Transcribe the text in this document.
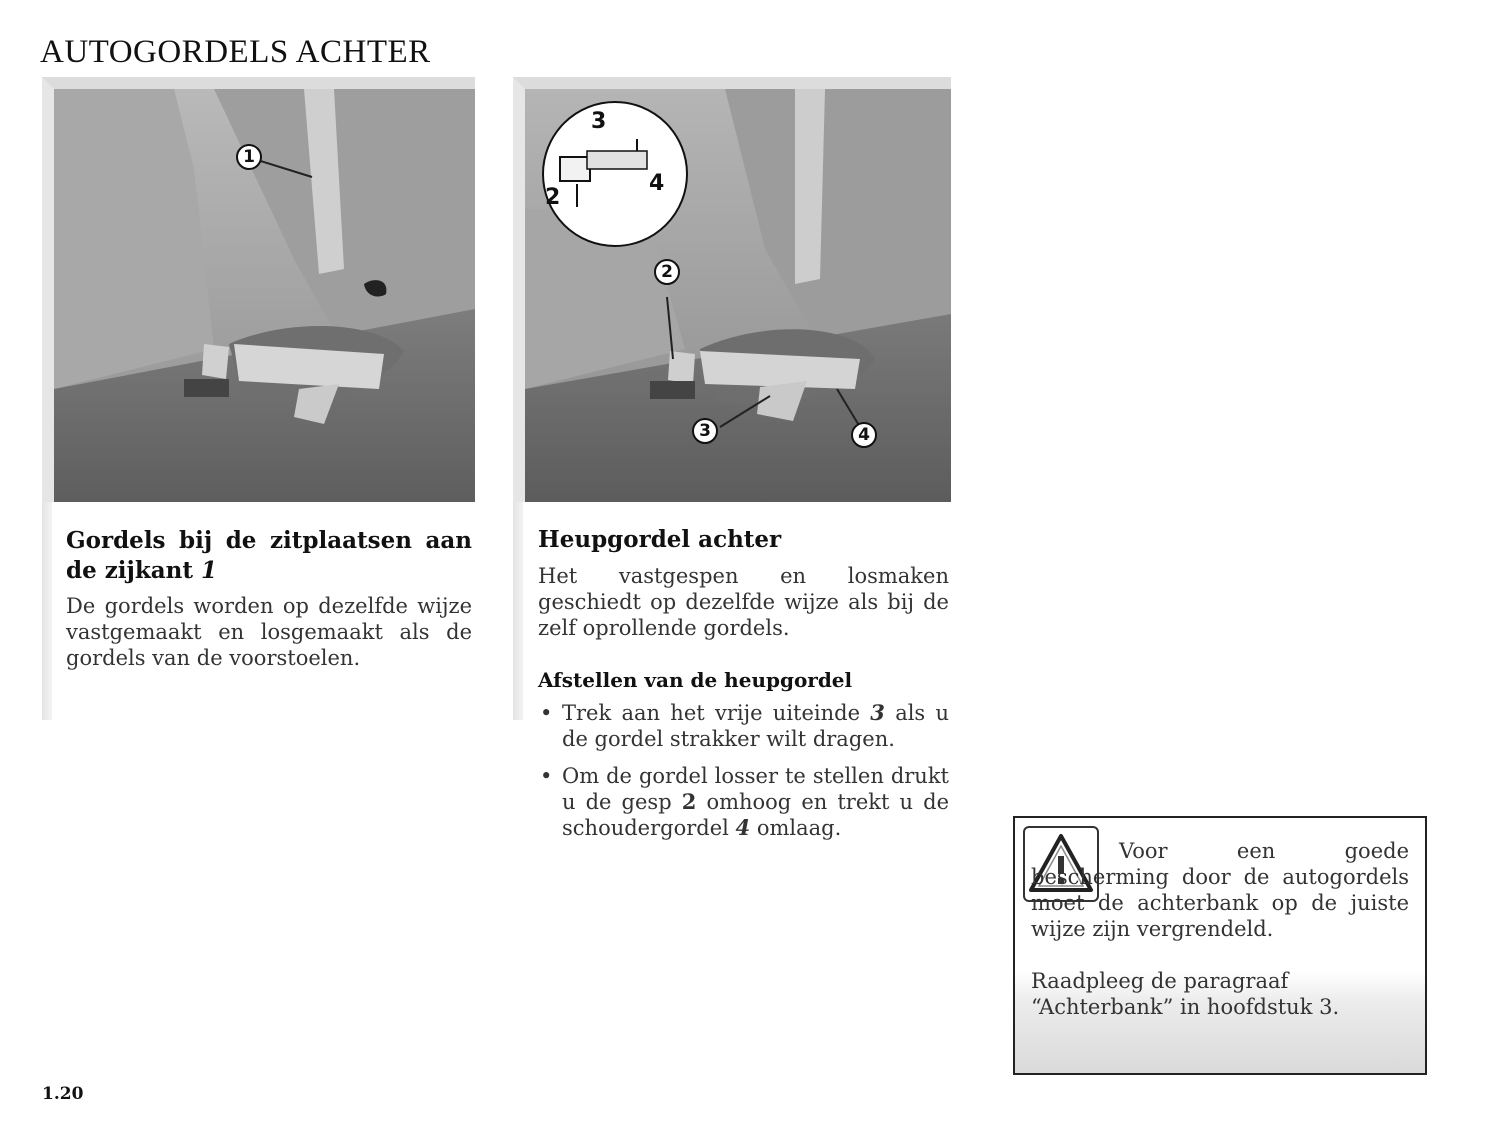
AUTOGORDELS ACHTER
1
3
2
4
2
3	4
Gordels bij de zitplaatsen aan
de zijkant 1

De gordels worden op dezelfde wijze vastgemaakt en losgemaakt als de gordels van de voorstoelen.

Heupgordel achter

Het vastgespen en losmaken geschiedt op dezelfde wijze als bij de zelf oprollende gordels.

Afstellen van de heupgordel
• Trek aan het vrije uiteinde 3 als u de gordel strakker wilt dragen.
• Om de gordel losser te stellen drukt u de gesp 2 omhoog en trekt u de schoudergordel 4 omlaag.

Voor een goede bescherming door de autogordels moet de achterbank op de juiste wijze zijn vergrendeld.

Raadpleeg de paragraaf “Achterbank” in hoofdstuk 3.

1.20
